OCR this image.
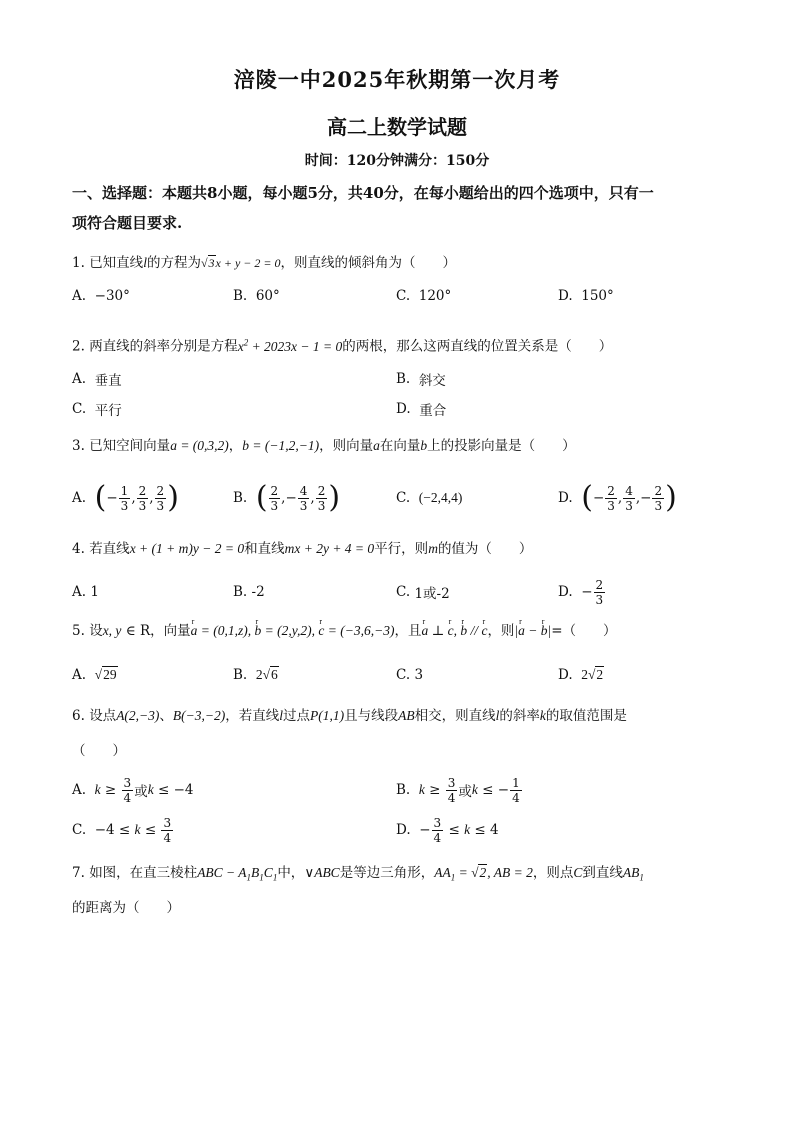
涪陵一中2025年秋期第一次月考
高二上数学试题
时间：120分钟满分：150分
一、选择题：本题共8小题，每小题5分，共40分，在每小题给出的四个选项中，只有一
项符合题目要求.
1. 已知直线l的方程为√3x + y − 2 = 0，则直线的倾斜角为（　　）
A.
−30°	B.
60°	C.
120°	D.
150°
2. 两直线的斜率分别是方程$x^2 + 2023x - 1 = 0$的两根，那么这两直线的位置关系是（　　）
A.
垂直	B.
斜交
C.
平行	D.
重合
3. 已知空间向量a = (0,3,2)，b = (−1,2,−1)，则向量a在向量b上的投影向量是（　　）
A.
( − $\frac{1}{3}$ , $\frac{2}{3}$ , $\frac{2}{3}$ )	B.
( $\frac{2}{3}$ ,− $\frac{4}{3}$ , $\frac{2}{3}$ )	C.
(−2,4,4)	D.
( − $\frac{2}{3}$ , $\frac{4}{3}$ ,− $\frac{2}{3}$ )
4. 若直线x + (1 + m)y − 2 = 0和直线mx + 2y + 4 = 0平行，则m的值为（　　）
A.
1	B.
-2	C.
1或-2	D. − $\frac{2}{3}$
5. 设x, y ∈ R，向量r a = (0,1,z), r b = (2,y,2), r c = (−3,6,−3)，且r a ⊥ r c, r b // r c，则|r a − r b|=（　　）
A.
√29	B.
2√6	C.
3	D.
2√2
6. 设点A(2,−3)、B(−3,−2)，若直线l过点P(1,1)且与线段AB相交，则直线l的斜率k的取值范围是
（　　）
A.
$k \ge \frac{3}{4}$ 或 k ≤ −4	B.
$k \ge \frac{3}{4}$ 或 k ≤ − $\frac{1}{4}$
C. $-4 \le k \le \frac{3}{4}$	D. − $\frac{3}{4} \le k \le 4$
7. 如图，在直三棱柱ABC − $A_1B_1C_1$中，∨ABC是等边三角形，$AA_1 = √2$, AB = 2，则点C到直线$AB_1$
的距离为（　　）
